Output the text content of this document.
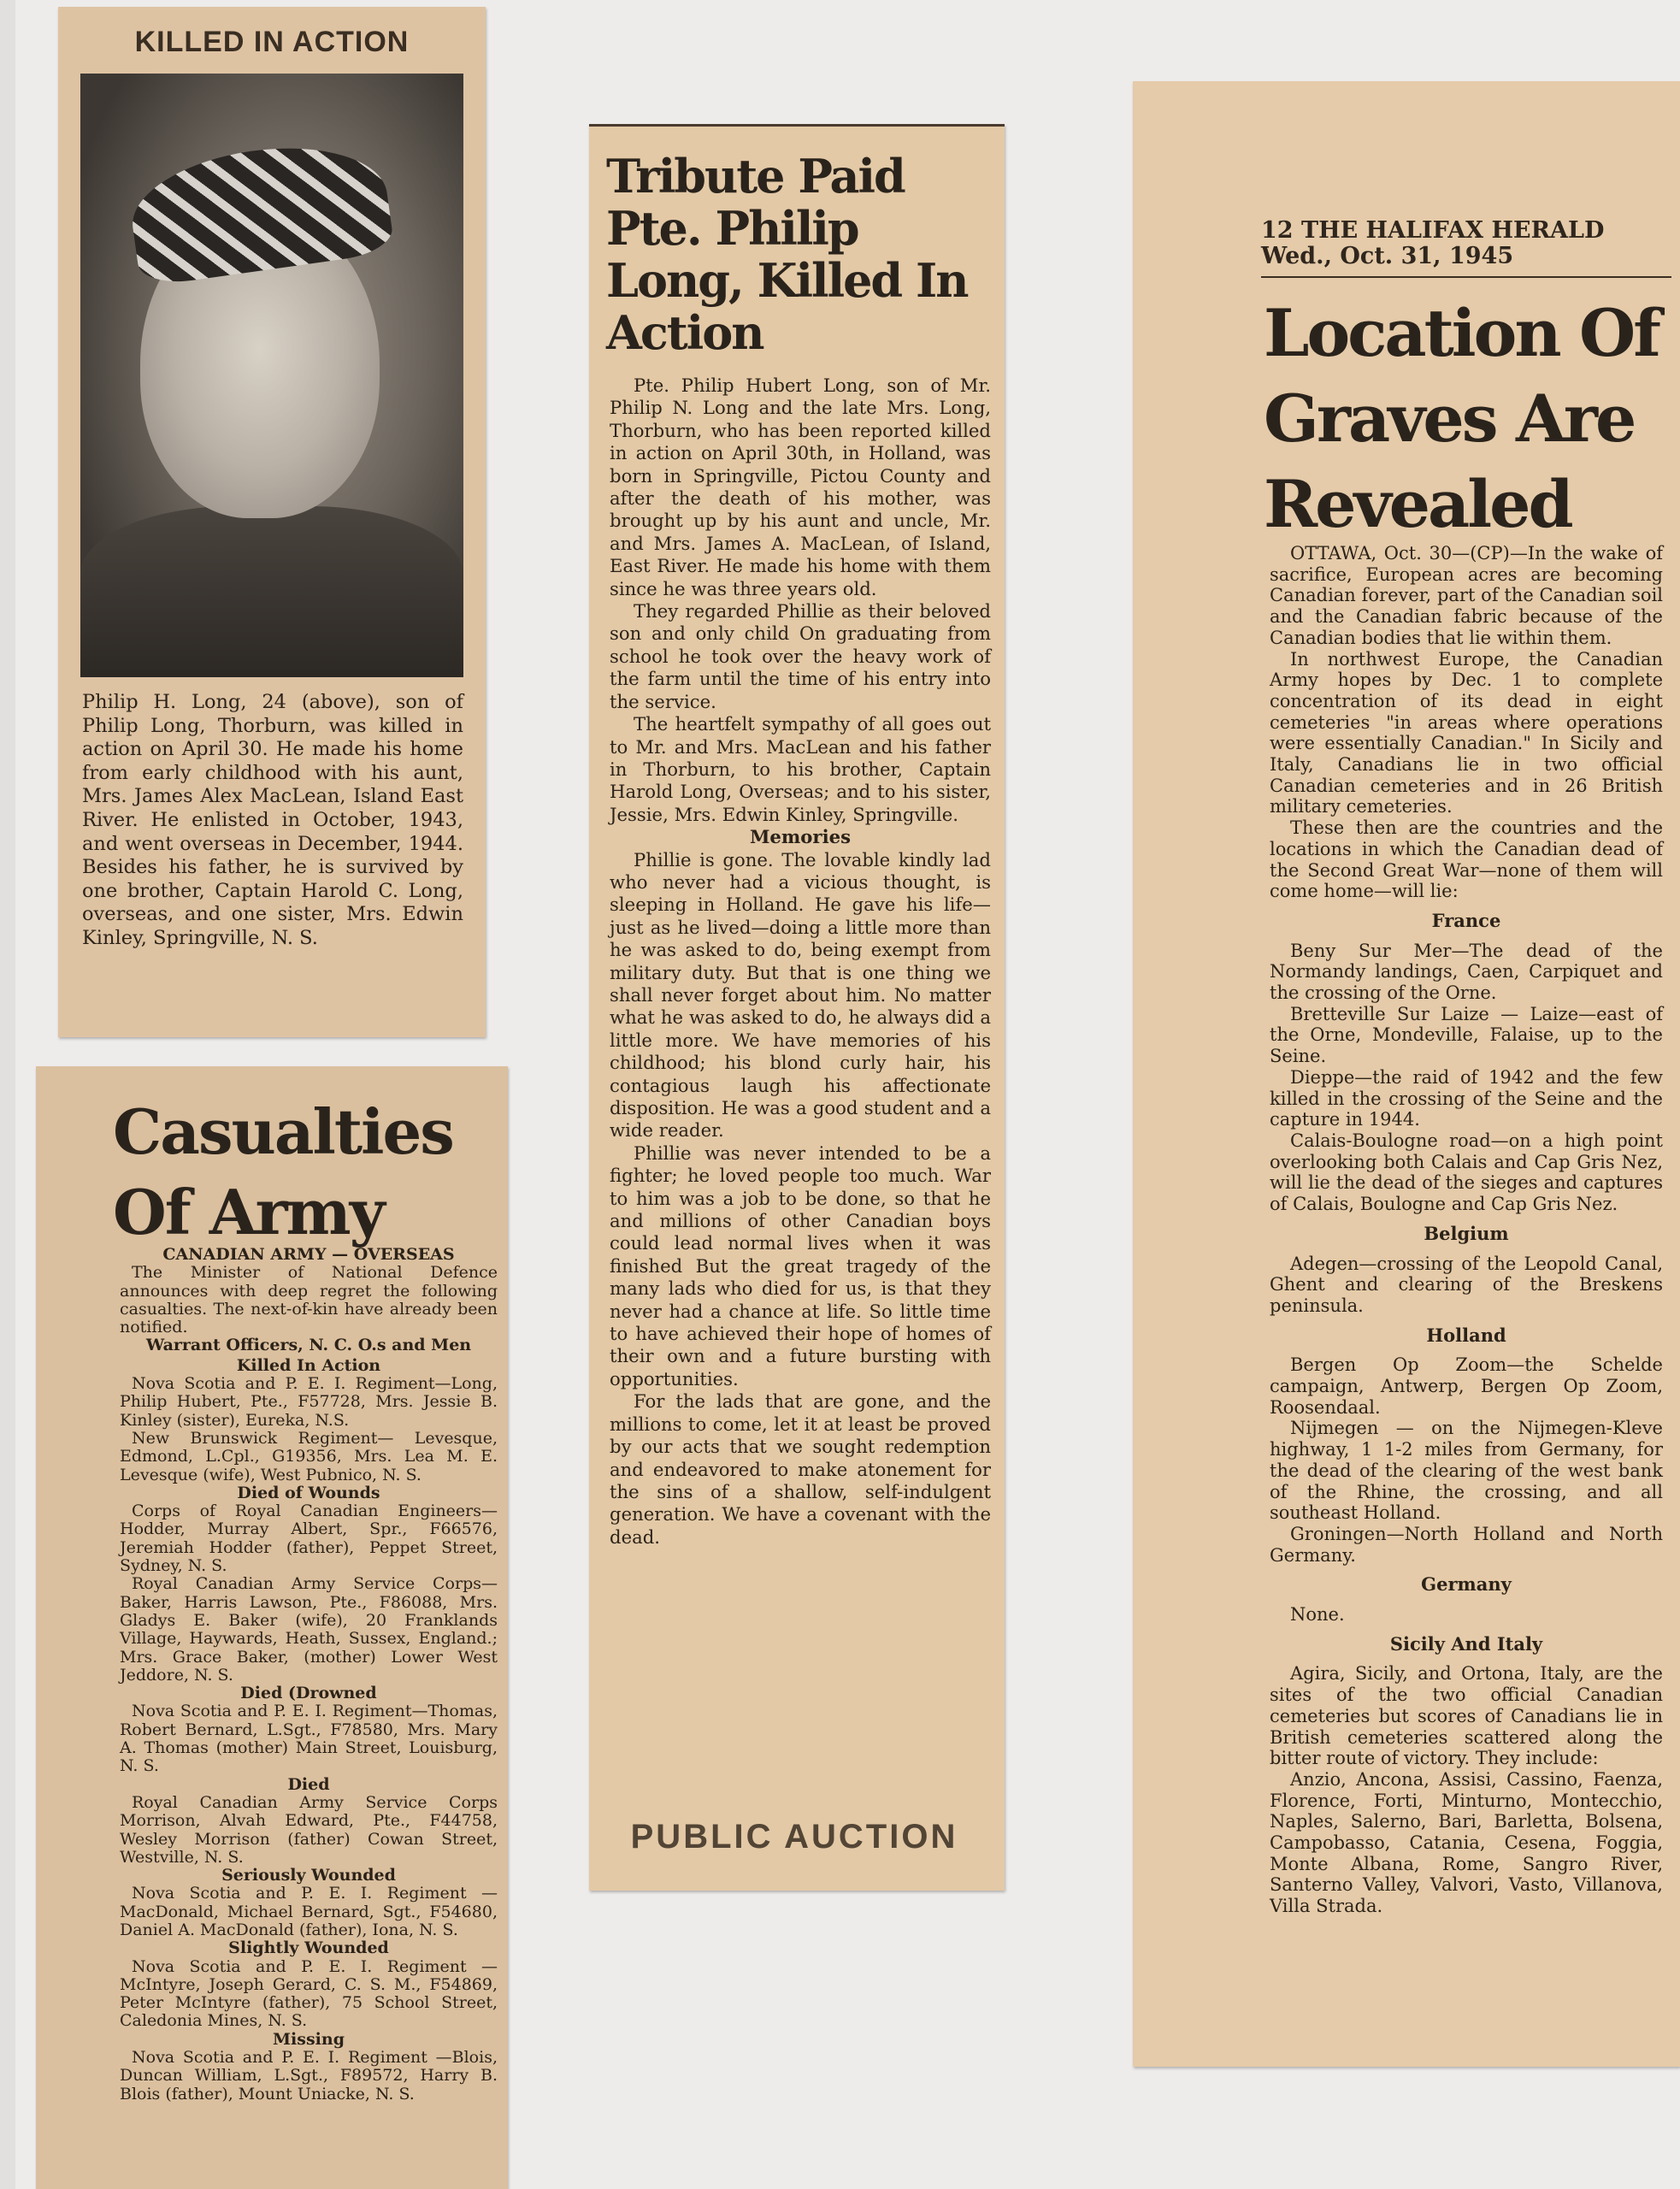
KILLED IN ACTION

Philip H. Long, 24 (above), son of Philip Long, Thorburn, was killed in action on April 30. He made his home from early childhood with his aunt, Mrs. James Alex MacLean, Island East River. He enlisted in October, 1943, and went overseas in December, 1944. Besides his father, he is survived by one brother, Captain Harold C. Long, overseas, and one sister, Mrs. Edwin Kinley, Springville, N. S.

Casualties
Of Army

CANADIAN ARMY — OVERSEAS

The Minister of National Defence announces with deep regret the following casualties. The next-of-kin have already been notified.

Warrant Officers, N. C. O.s and Men

Killed In Action

Nova Scotia and P. E. I. Regiment—Long, Philip Hubert, Pte., F57728, Mrs. Jessie B. Kinley (sister), Eureka, N.S.

New Brunswick Regiment— Levesque, Edmond, L.Cpl., G19356, Mrs. Lea M. E. Levesque (wife), West Pubnico, N. S.

Died of Wounds

Corps of Royal Canadian Engineers—Hodder, Murray Albert, Spr., F66576, Jeremiah Hodder (father), Peppet Street, Sydney, N. S.

Royal Canadian Army Service Corps—Baker, Harris Lawson, Pte., F86088, Mrs. Gladys E. Baker (wife), 20 Franklands Village, Haywards, Heath, Sussex, England.; Mrs. Grace Baker, (mother) Lower West Jeddore, N. S.

Died (Drowned

Nova Scotia and P. E. I. Regiment—Thomas, Robert Bernard, L.Sgt., F78580, Mrs. Mary A. Thomas (mother) Main Street, Louisburg, N. S.

Died

Royal Canadian Army Service Corps Morrison, Alvah Edward, Pte., F44758, Wesley Morrison (father) Cowan Street, Westville, N. S.

Seriously Wounded

Nova Scotia and P. E. I. Regiment —MacDonald, Michael Bernard, Sgt., F54680, Daniel A. MacDonald (father), Iona, N. S.

Slightly Wounded

Nova Scotia and P. E. I. Regiment —McIntyre, Joseph Gerard, C. S. M., F54869, Peter McIntyre (father), 75 School Street, Caledonia Mines, N. S.

Missing

Nova Scotia and P. E. I. Regiment —Blois, Duncan William, L.Sgt., F89572, Harry B. Blois (father), Mount Uniacke, N. S.

Tribute Paid Pte. Philip Long, Killed In Action

Pte. Philip Hubert Long, son of Mr. Philip N. Long and the late Mrs. Long, Thorburn, who has been reported killed in action on April 30th, in Holland, was born in Springville, Pictou County and after the death of his mother, was brought up by his aunt and uncle, Mr. and Mrs. James A. MacLean, of Island, East River. He made his home with them since he was three years old.

They regarded Phillie as their beloved son and only child On graduating from school he took over the heavy work of the farm until the time of his entry into the service.

The heartfelt sympathy of all goes out to Mr. and Mrs. MacLean and his father in Thorburn, to his brother, Captain Harold Long, Overseas; and to his sister, Jessie, Mrs. Edwin Kinley, Springville.

Memories

Phillie is gone. The lovable kindly lad who never had a vicious thought, is sleeping in Holland. He gave his life—just as he lived—doing a little more than he was asked to do, being exempt from military duty. But that is one thing we shall never forget about him. No matter what he was asked to do, he always did a little more. We have memories of his childhood; his blond curly hair, his contagious laugh his affectionate disposition. He was a good student and a wide reader.

Phillie was never intended to be a fighter; he loved people too much. War to him was a job to be done, so that he and millions of other Canadian boys could lead normal lives when it was finished But the great tragedy of the many lads who died for us, is that they never had a chance at life. So little time to have achieved their hope of homes of their own and a future bursting with opportunities.

For the lads that are gone, and the millions to come, let it at least be proved by our acts that we sought redemption and endeavored to make atonement for the sins of a shallow, self-indulgent generation. We have a covenant with the dead.

PUBLIC AUCTION
12 THE HALIFAX HERALD
Wed., Oct. 31, 1945
Location Of Graves Are Revealed

OTTAWA, Oct. 30—(CP)—In the wake of sacrifice, European acres are becoming Canadian forever, part of the Canadian soil and the Canadian fabric because of the Canadian bodies that lie within them.

In northwest Europe, the Canadian Army hopes by Dec. 1 to complete concentration of its dead in eight cemeteries "in areas where operations were essentially Canadian." In Sicily and Italy, Canadians lie in two official Canadian cemeteries and in 26 British military cemeteries.

These then are the countries and the locations in which the Canadian dead of the Second Great War—none of them will come home—will lie:

France

Beny Sur Mer—The dead of the Normandy landings, Caen, Carpiquet and the crossing of the Orne.

Bretteville Sur Laize — Laize—east of the Orne, Mondeville, Falaise, up to the Seine.

Dieppe—the raid of 1942 and the few killed in the crossing of the Seine and the capture in 1944.

Calais-Boulogne road—on a high point overlooking both Calais and Cap Gris Nez, will lie the dead of the sieges and captures of Calais, Boulogne and Cap Gris Nez.

Belgium

Adegen—crossing of the Leopold Canal, Ghent and clearing of the Breskens peninsula.

Holland

Bergen Op Zoom—the Schelde campaign, Antwerp, Bergen Op Zoom, Roosendaal.

Nijmegen — on the Nijmegen-Kleve highway, 1 1-2 miles from Germany, for the dead of the clearing of the west bank of the Rhine, the crossing, and all southeast Holland.

Groningen—North Holland and North Germany.

Germany

None.

Sicily And Italy

Agira, Sicily, and Ortona, Italy, are the sites of the two official Canadian cemeteries but scores of Canadians lie in British cemeteries scattered along the bitter route of victory. They include:

Anzio, Ancona, Assisi, Cassino, Faenza, Florence, Forti, Minturno, Montecchio, Naples, Salerno, Bari, Barletta, Bolsena, Campobasso, Catania, Cesena, Foggia, Monte Albana, Rome, Sangro River, Santerno Valley, Valvori, Vasto, Villanova, Villa Strada.
